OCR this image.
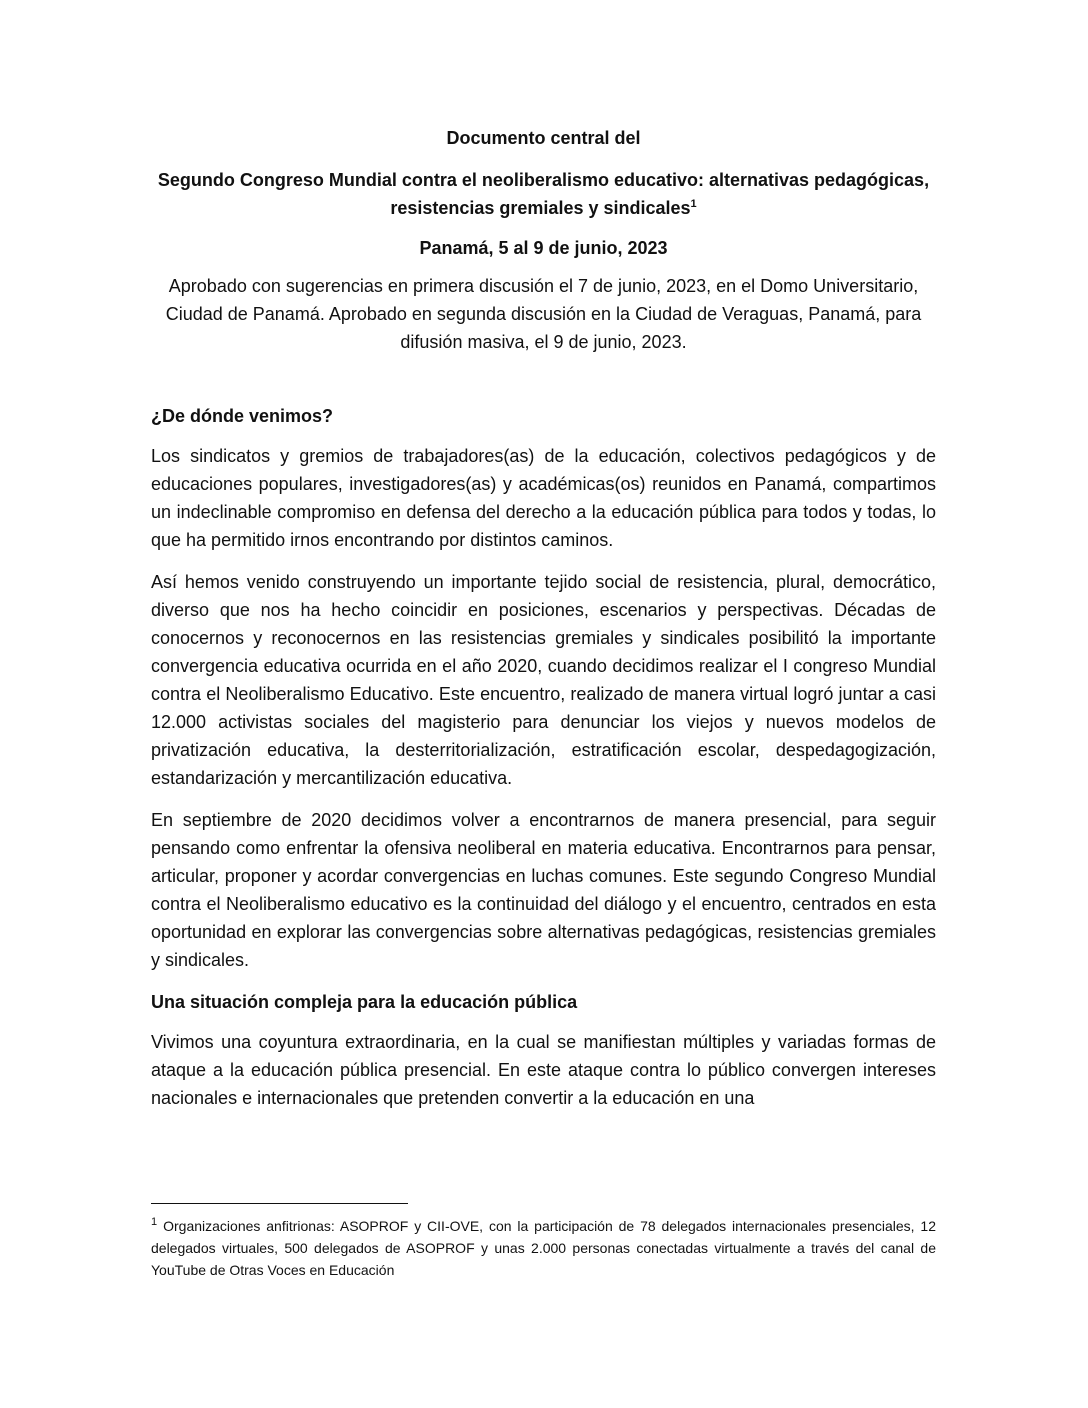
Documento central del

Segundo Congreso Mundial contra el neoliberalismo educativo: alternativas pedagógicas, resistencias gremiales y sindicales$^1$

Panamá, 5 al 9 de junio, 2023

Aprobado con sugerencias en primera discusión el 7 de junio, 2023, en el Domo Universitario, Ciudad de Panamá. Aprobado en segunda discusión en la Ciudad de Veraguas, Panamá, para difusión masiva, el 9 de junio, 2023.

¿De dónde venimos?

Los sindicatos y gremios de trabajadores(as) de la educación, colectivos pedagógicos y de educaciones populares, investigadores(as) y académicas(os) reunidos en Panamá, compartimos un indeclinable compromiso en defensa del derecho a la educación pública para todos y todas, lo que ha permitido irnos encontrando por distintos caminos.

Así hemos venido construyendo un importante tejido social de resistencia, plural, democrático, diverso que nos ha hecho coincidir en posiciones, escenarios y perspectivas. Décadas de conocernos y reconocernos en las resistencias gremiales y sindicales posibilitó la importante convergencia educativa ocurrida en el año 2020, cuando decidimos realizar el I congreso Mundial contra el Neoliberalismo Educativo. Este encuentro, realizado de manera virtual logró juntar a casi 12.000 activistas sociales del magisterio para denunciar los viejos y nuevos modelos de privatización educativa, la desterritorialización, estratificación escolar, despedagogización, estandarización y mercantilización educativa.

En septiembre de 2020 decidimos volver a encontrarnos de manera presencial, para seguir pensando como enfrentar la ofensiva neoliberal en materia educativa. Encontrarnos para pensar, articular, proponer y acordar convergencias en luchas comunes. Este segundo Congreso Mundial contra el Neoliberalismo educativo es la continuidad del diálogo y el encuentro, centrados en esta oportunidad en explorar las convergencias sobre alternativas pedagógicas, resistencias gremiales y sindicales.

Una situación compleja para la educación pública

Vivimos una coyuntura extraordinaria, en la cual se manifiestan múltiples y variadas formas de ataque a la educación pública presencial. En este ataque contra lo público convergen intereses nacionales e internacionales que pretenden convertir a la educación en una

$^1$ Organizaciones anfitrionas: ASOPROF y CII-OVE, con la participación de 78 delegados internacionales presenciales, 12 delegados virtuales, 500 delegados de ASOPROF y unas 2.000 personas conectadas virtualmente a través del canal de YouTube de Otras Voces en Educación
